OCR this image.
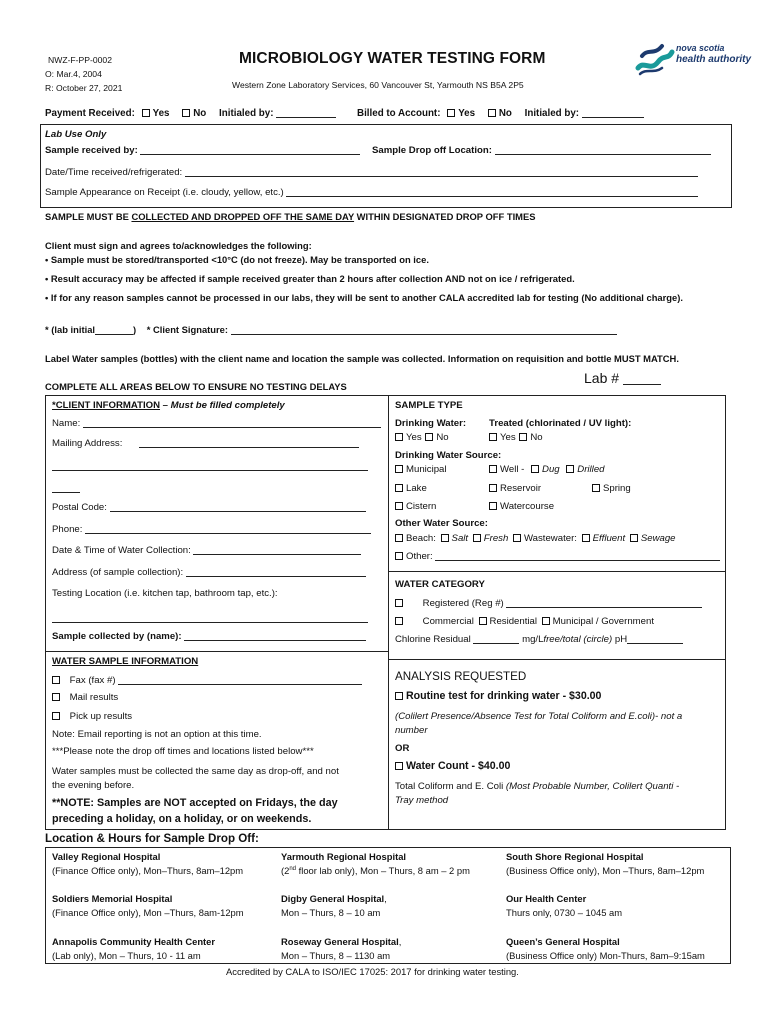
NWZ-F-PP-0002
O: Mar.4, 2004
R: October 27, 2021
MICROBIOLOGY WATER TESTING FORM
Western Zone Laboratory Services, 60 Vancouver St, Yarmouth NS B5A 2P5
nova scotia
health authority
Payment Received: Yes No Initialed by:	Billed to Account: Yes No Initialed by:
Lab Use Only
Sample received by:	Sample Drop off Location:
Date/Time received/refrigerated:
Sample Appearance on Receipt (i.e. cloudy, yellow, etc.)
SAMPLE MUST BE COLLECTED AND DROPPED OFF THE SAME DAY WITHIN DESIGNATED DROP OFF TIMES
Client must sign and agrees to/acknowledges the following:
• Sample must be stored/transported <10°C (do not freeze). May be transported on ice.
• Result accuracy may be affected if sample received greater than 2 hours after collection AND not on ice / refrigerated.
• If for any reason samples cannot be processed in our labs, they will be sent to another CALA accredited lab for testing (No additional charge).
* (lab initial	) * Client Signature:
Label Water samples (bottles) with the client name and location the sample was collected. Information on requisition and bottle MUST MATCH.
COMPLETE ALL AREAS BELOW TO ENSURE NO TESTING DELAYS
Lab #
*CLIENT INFORMATION – Must be filled completely
Name:
Mailing Address:
Postal Code:
Phone:
Date & Time of Water Collection:
Address (of sample collection):
Testing Location (i.e. kitchen tap, bathroom tap, etc.):
Sample collected by (name):
WATER SAMPLE INFORMATION
Fax (fax #)
Mail results
Pick up results
Note: Email reporting is not an option at this time.
***Please note the drop off times and locations listed below***
Water samples must be collected the same day as drop-off, and not
the evening before.
**NOTE: Samples are NOT accepted on Fridays, the day
preceding a holiday, on a holiday, or on weekends.
SAMPLE TYPE
Drinking Water: Treated (chlorinated / UV light):
Yes No	Yes No
Drinking Water Source:
Municipal	Well - Dug Drilled
Lake	Reservoir	Spring
Cistern	Watercourse
Other Water Source:
Beach: Salt Fresh Wastewater: Effluent Sewage
Other:
WATER CATEGORY
Registered (Reg #)
Commercial Residential Municipal / Government
Chlorine Residual	mg/Lfree/total (circle) pH
ANALYSIS REQUESTED
Routine test for drinking water - $30.00
(Colilert Presence/Absence Test for Total Coliform and E.coli)- not a
number
OR
Water Count - $40.00
Total Coliform and E. Coli (Most Probable Number, Colilert Quanti -
Tray method
Location & Hours for Sample Drop Off:
Valley Regional Hospital
(Finance Office only), Mon–Thurs, 8am–12pm
Yarmouth Regional Hospital
(2nd floor lab only), Mon – Thurs, 8 am – 2 pm
South Shore Regional Hospital
(Business Office only), Mon –Thurs, 8am–12pm
Soldiers Memorial Hospital
(Finance Office only), Mon –Thurs, 8am-12pm
Digby General Hospital,
Mon – Thurs, 8 – 10 am
Our Health Center
Thurs only, 0730 – 1045 am
Annapolis Community Health Center
(Lab only), Mon – Thurs, 10 - 11 am
Roseway General Hospital,
Mon – Thurs, 8 – 1130 am
Queen’s General Hospital
(Business Office only) Mon-Thurs, 8am–9:15am
Accredited by CALA to ISO/IEC 17025: 2017 for drinking water testing.
